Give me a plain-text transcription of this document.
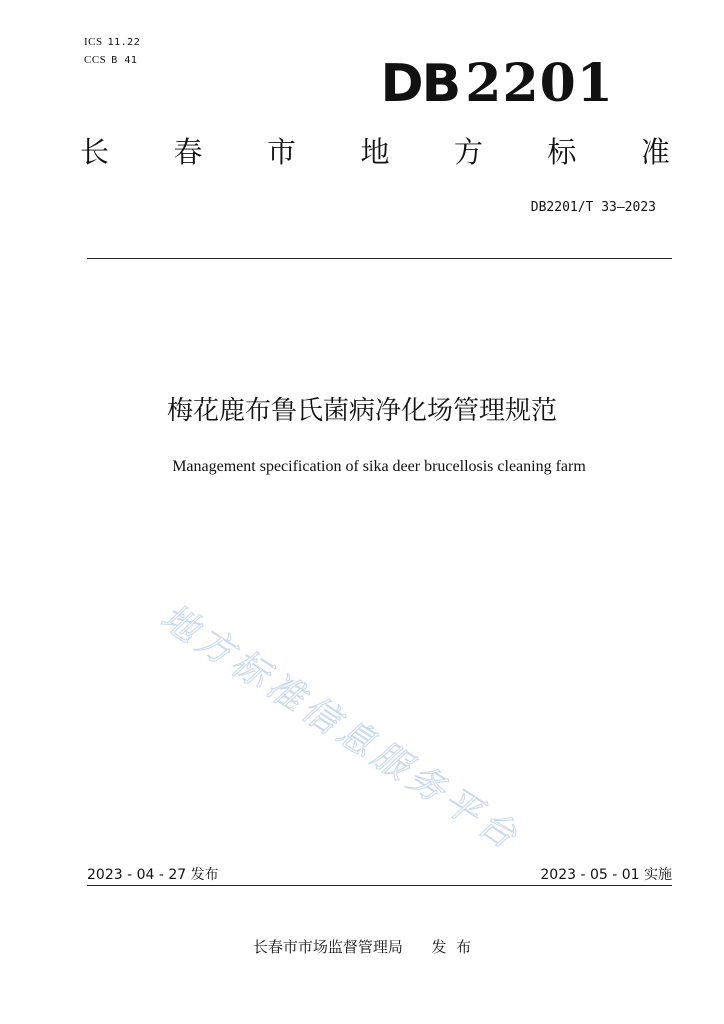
ICS 11.22
CCS B 41	DB 2201
长 春 市 地 方 标 准
DB2201/T 33—2023
梅花鹿布鲁氏菌病净化场管理规范
Management specification of sika deer brucellosis cleaning farm
地方标准信息服务平台
2023 - 04 - 27 发布	2023 - 05 - 01 实施
长春市市场监督管理局 发  布
